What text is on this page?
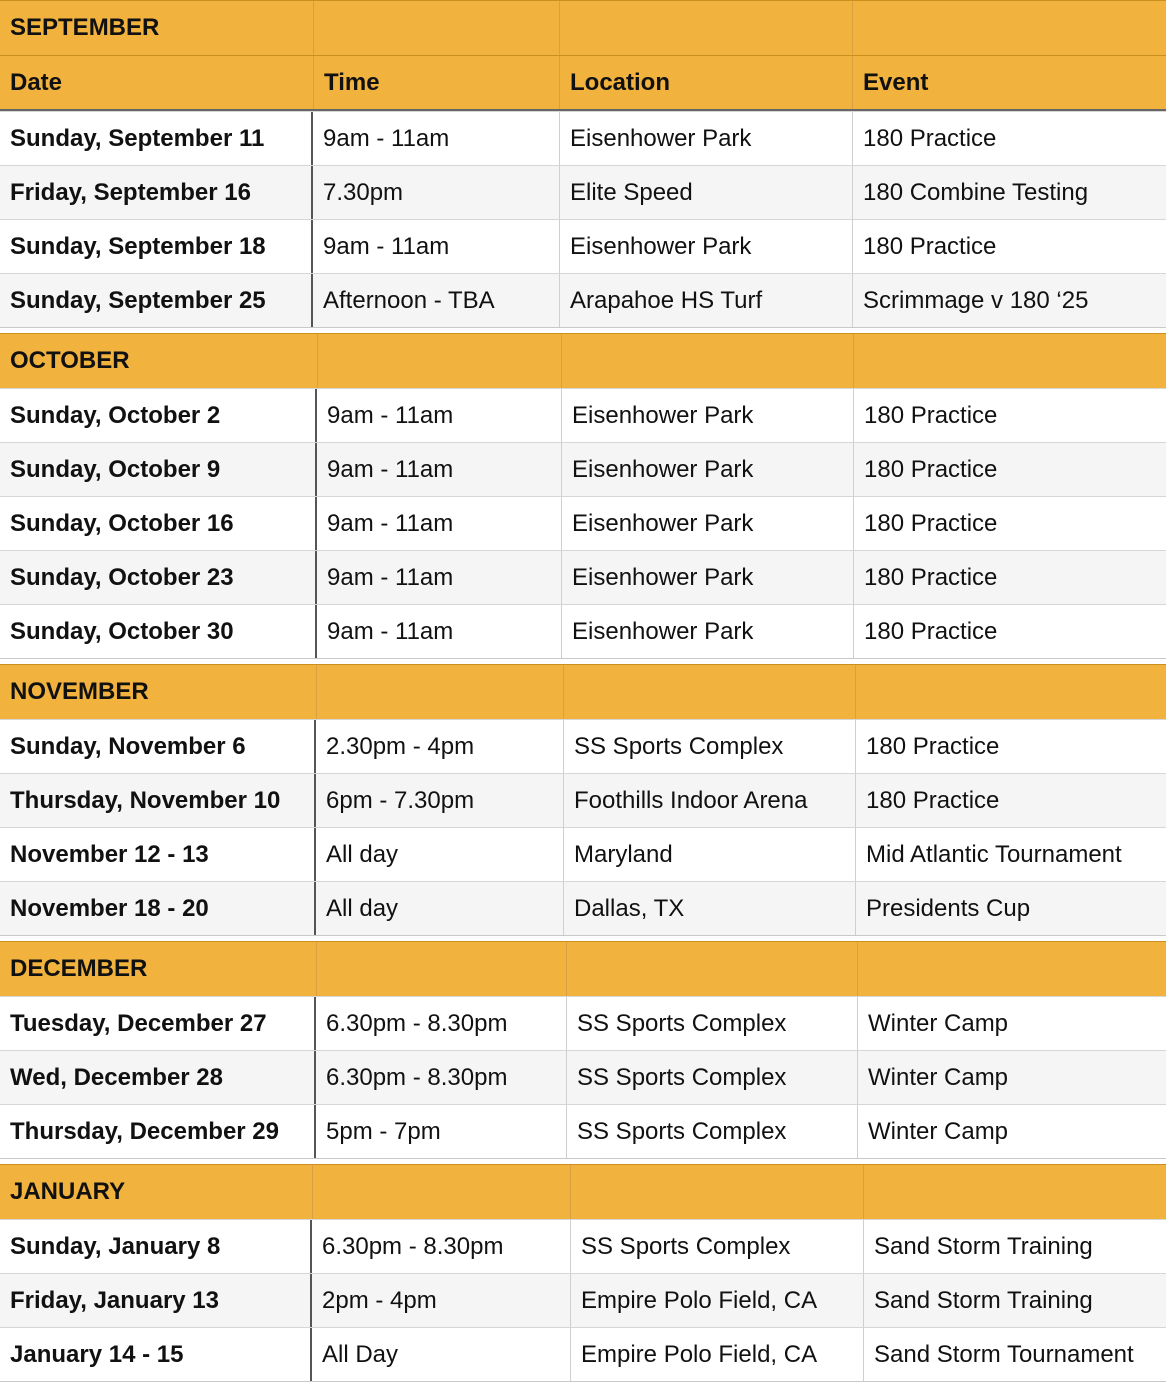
SEPTEMBER
Date	Time	Location	Event
Sunday, September 11	9am - 11am	Eisenhower Park	180 Practice
Friday, September 16	7.30pm	Elite Speed	180 Combine Testing
Sunday, September 18	9am - 11am	Eisenhower Park	180 Practice
Sunday, September 25	Afternoon - TBA	Arapahoe HS Turf	Scrimmage v 180 ‘25
OCTOBER
Sunday, October 2	9am - 11am	Eisenhower Park	180 Practice
Sunday, October 9	9am - 11am	Eisenhower Park	180 Practice
Sunday, October 16	9am - 11am	Eisenhower Park	180 Practice
Sunday, October 23	9am - 11am	Eisenhower Park	180 Practice
Sunday, October 30	9am - 11am	Eisenhower Park	180 Practice
NOVEMBER
Sunday, November 6	2.30pm - 4pm	SS Sports Complex	180 Practice
Thursday, November 10	6pm - 7.30pm	Foothills Indoor Arena	180 Practice
November 12 - 13	All day	Maryland	Mid Atlantic Tournament
November 18 - 20	All day	Dallas, TX	Presidents Cup
DECEMBER
Tuesday, December 27	6.30pm - 8.30pm	SS Sports Complex	Winter Camp
Wed, December 28	6.30pm - 8.30pm	SS Sports Complex	Winter Camp
Thursday, December 29	5pm - 7pm	SS Sports Complex	Winter Camp
JANUARY
Sunday, January 8	6.30pm - 8.30pm	SS Sports Complex	Sand Storm Training
Friday, January 13	2pm - 4pm	Empire Polo Field, CA	Sand Storm Training
January 14 - 15	All Day	Empire Polo Field, CA	Sand Storm Tournament
